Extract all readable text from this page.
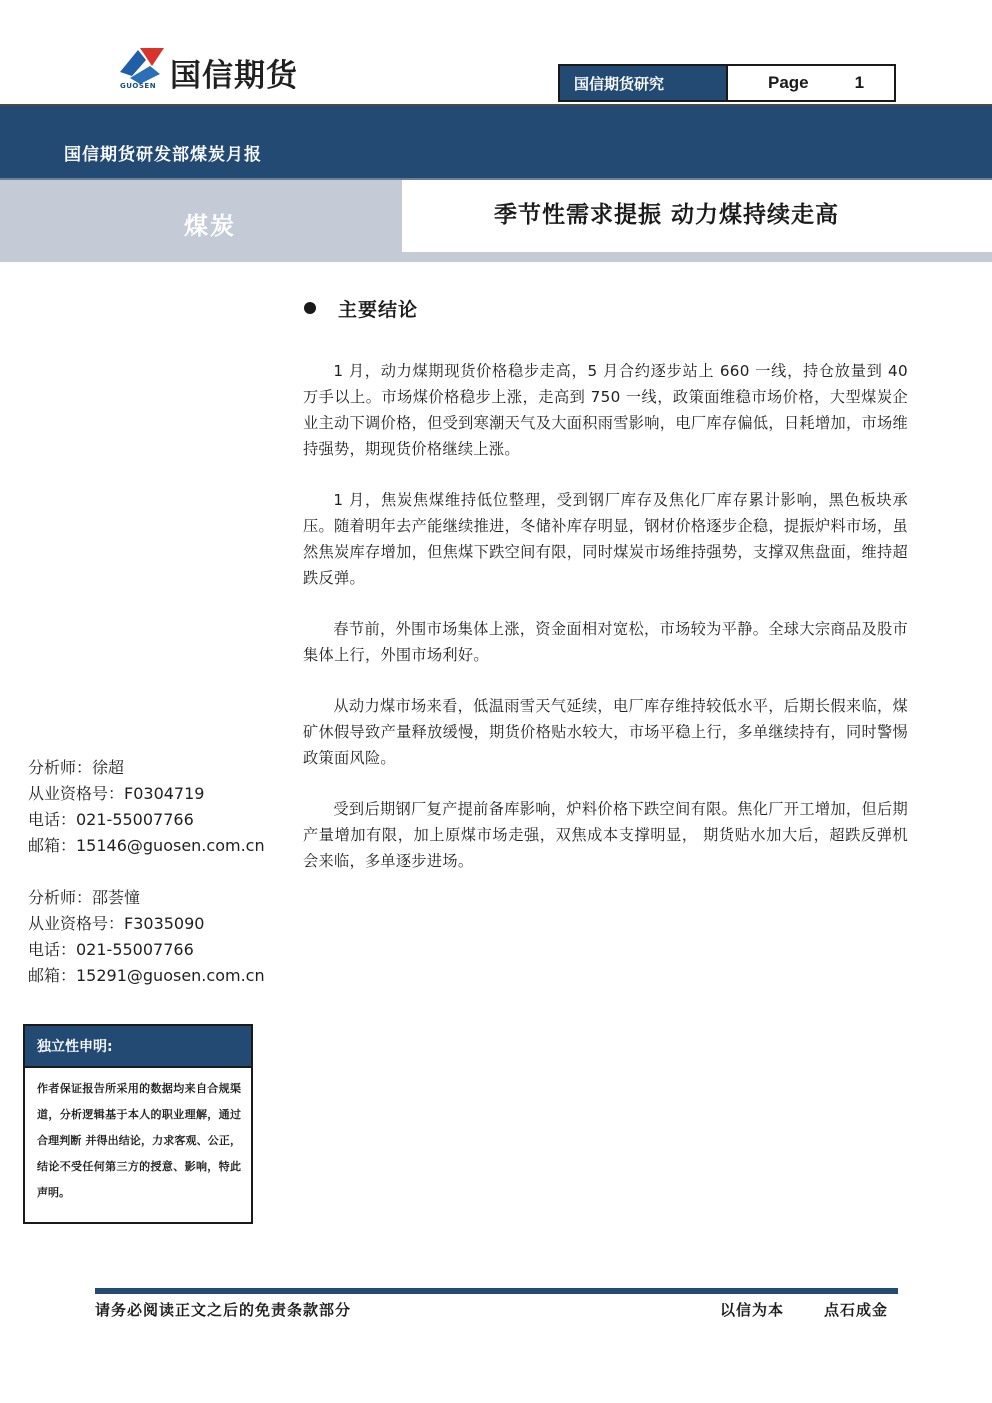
国信期货
GUOSEN	国信期货研究	Page	1
国信期货研发部煤炭月报
煤炭	季节性需求提振 动力煤持续走高
2018 年 1 月 28 日
主要结论

1 月，动力煤期现货价格稳步走高，5 月合约逐步站上 660 一线，持仓放量到 40 万手以上。市场煤价格稳步上涨，走高到 750 一线，政策面维稳市场价格，大型煤炭企业主动下调价格，但受到寒潮天气及大面积雨雪影响，电厂库存偏低，日耗增加，市场维持强势，期现货价格继续上涨。

1 月，焦炭焦煤维持低位整理，受到钢厂库存及焦化厂库存累计影响，黑色板块承压。随着明年去产能继续推进，冬储补库存明显，钢材价格逐步企稳，提振炉料市场，虽然焦炭库存增加，但焦煤下跌空间有限，同时煤炭市场维持强势，支撑双焦盘面，维持超跌反弹。

春节前，外围市场集体上涨，资金面相对宽松，市场较为平静。全球大宗商品及股市集体上行，外围市场利好。

从动力煤市场来看，低温雨雪天气延续，电厂库存维持较低水平，后期长假来临，煤矿休假导致产量释放缓慢，期货价格贴水较大，市场平稳上行，多单继续持有，同时警惕政策面风险。

受到后期钢厂复产提前备库影响，炉料价格下跌空间有限。焦化厂开工增加，但后期产量增加有限，加上原煤市场走强，双焦成本支撑明显， 期货贴水加大后，超跌反弹机会来临，多单逐步进场。

分析师：徐超
从业资格号：F0304719
电话：021-55007766
邮箱：15146@guosen.com.cn
分析师：邵荟憧
从业资格号：F3035090
电话：021-55007766
邮箱：15291@guosen.com.cn
独立性申明:
作者保证报告所采用的数据均来自合规渠道，分析逻辑基于本人的职业理解，通过合理判断 并得出结论，力求客观、公正，结论不受任何第三方的授意、影响，特此声明。
请务必阅读正文之后的免责条款部分	以信为本	点石成金
